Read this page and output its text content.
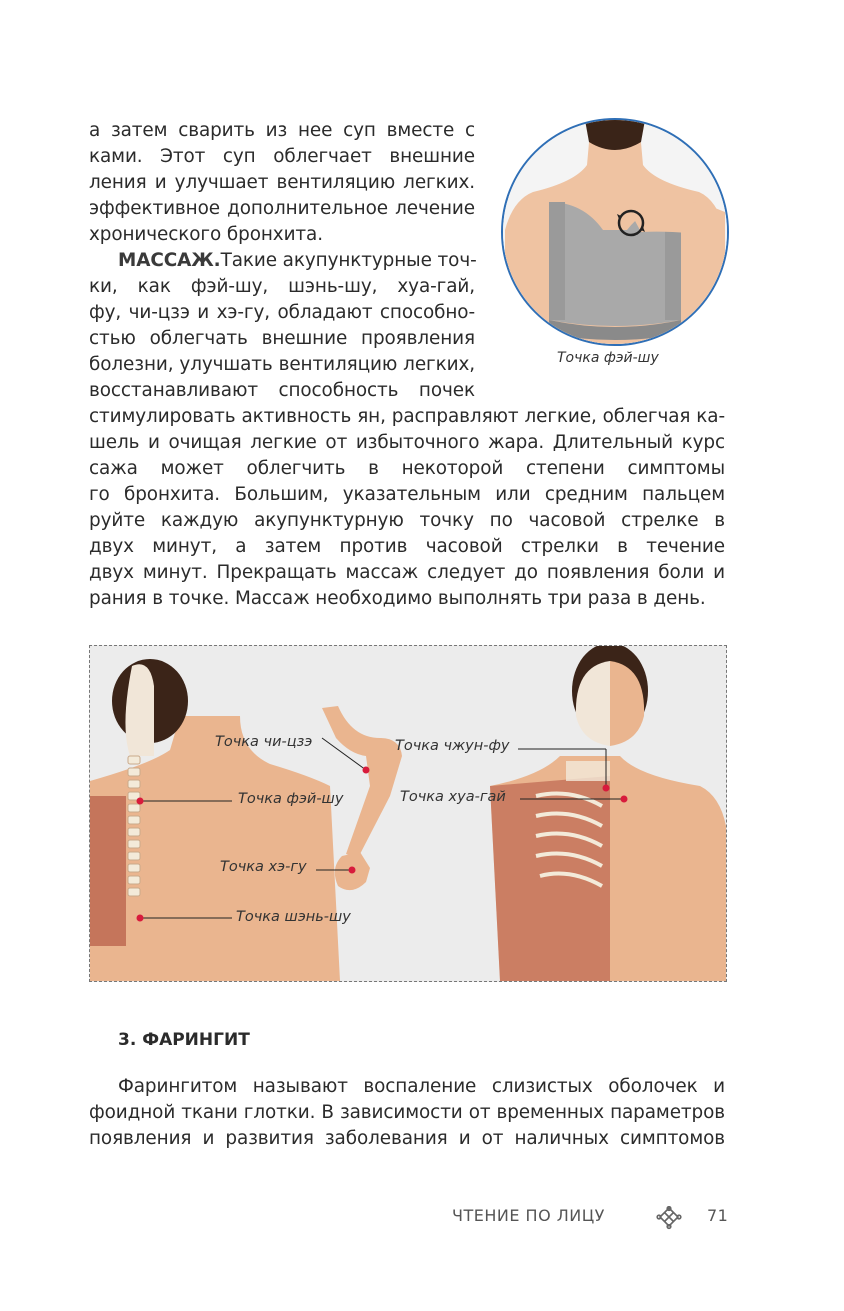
а затем сварить из нее суп вместе с
ками. Этот суп облегчает внешние
ления и улучшает вентиляцию легких.
эффективное дополнительное лечение
хронического бронхита.
МАССАЖ. Такие акупунктурные точ-
ки, как фэй-шу, шэнь-шу, хуа-гай,
фу, чи-цзэ и хэ-гу, обладают способно-
стью облегчать внешние проявления
болезни, улучшать вентиляцию легких,
восстанавливают способность почек
стимулировать активность ян, расправляют легкие, облегчая ка-
шель и очищая легкие от избыточного жара. Длительный курс
сажа может облегчить в некоторой степени симптомы
го бронхита. Большим, указательным или средним пальцем
руйте каждую акупунктурную точку по часовой стрелке в
двух минут, а затем против часовой стрелки в течение
двух минут. Прекращать массаж следует до появления боли и
рания в точке. Массаж необходимо выполнять три раза в день.
Точка фэй-шу
Точка чи-цзэ
Точка фэй-шу
Точка хэ-гу
Точка шэнь-шу
Точка чжун-фу
Точка хуа-гай
3. ФАРИНГИТ
Фарингитом называют воспаление слизистых оболочек и
фоидной ткани глотки. В зависимости от временных параметров
появления и развития заболевания и от наличных симптомов
ЧТЕНИЕ ПО ЛИЦУ	71
